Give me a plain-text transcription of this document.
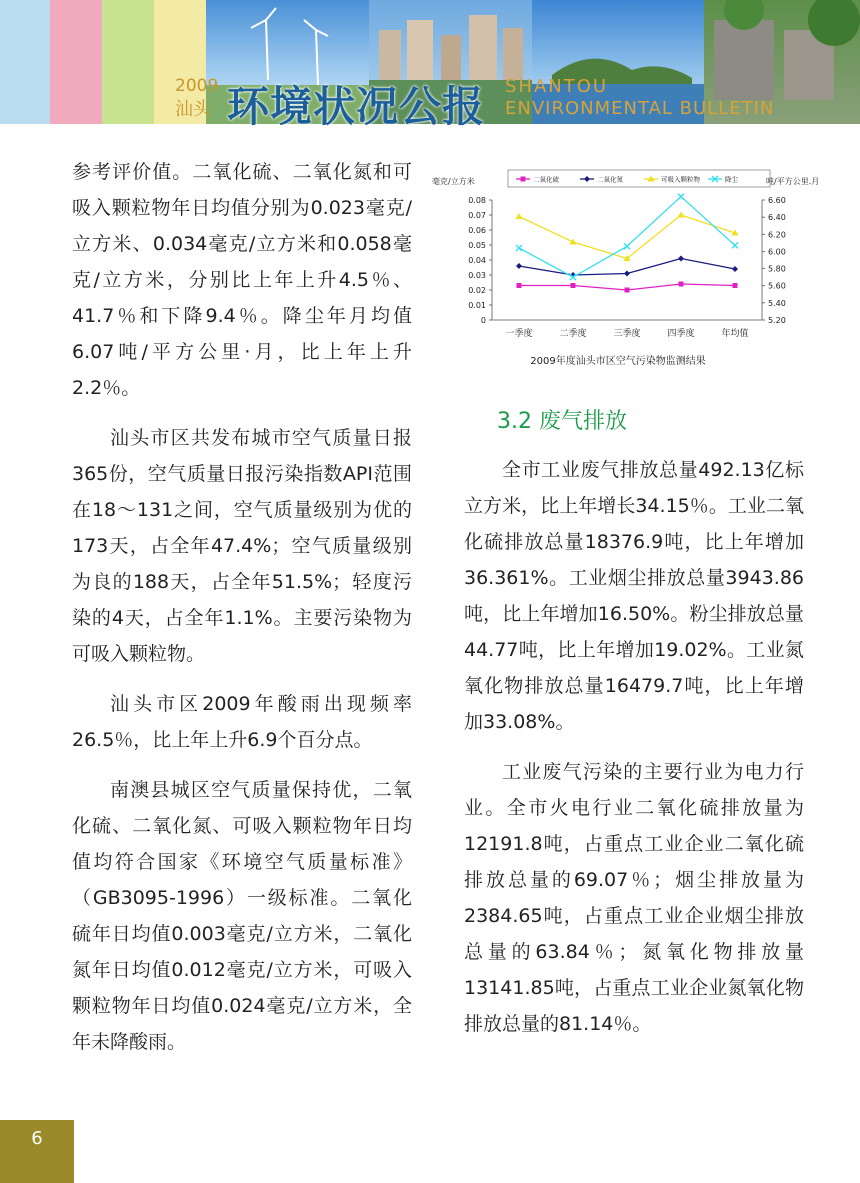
2009
汕头 环境状况公报 SHANTOU
ENVIRONMENTAL BULLETIN

参考评价值。二氧化硫、二氧化氮和可吸入颗粒物年日均值分别为0.023毫克/立方米、0.034毫克/立方米和0.058毫克/立方米，分别比上年上升4.5％、41.7％和下降9.4％。降尘年月均值6.07吨/平方公里·月，比上年上升2.2％。

汕头市区共发布城市空气质量日报365份，空气质量日报污染指数API范围在18～131之间，空气质量级别为优的173天，占全年47.4%；空气质量级别为良的188天，占全年51.5%；轻度污染的4天，占全年1.1%。主要污染物为可吸入颗粒物。

汕头市区2009年酸雨出现频率26.5％，比上年上升6.9个百分点。

南澳县城区空气质量保持优，二氧化硫、二氧化氮、可吸入颗粒物年日均值均符合国家《环境空气质量标准》（GB3095-1996）一级标准。二氧化硫年日均值0.003毫克/立方米，二氧化氮年日均值0.012毫克/立方米，可吸入颗粒物年日均值0.024毫克/立方米，全年未降酸雨。

毫克/立方米	吨/平方公里.月
2009年度汕头市区空气污染物监测结果
0
0.01
0.02
0.03
0.04
0.05
0.06
0.07
0.08
5.20
5.40
5.60
5.80
6.00
6.20
6.40
6.60
一季度	二季度	三季度	四季度	年均值
二氧化硫	二氧化氮	可吸入颗粒物	降尘
3.2 废气排放

全市工业废气排放总量492.13亿标立方米，比上年增长34.15％。工业二氧化硫排放总量18376.9吨，比上年增加36.361%。工业烟尘排放总量3943.86吨，比上年增加16.50%。粉尘排放总量44.77吨，比上年增加19.02%。工业氮氧化物排放总量16479.7吨，比上年增加33.08%。

工业废气污染的主要行业为电力行业。全市火电行业二氧化硫排放量为12191.8吨，占重点工业企业二氧化硫排放总量的69.07％；烟尘排放量为2384.65吨，占重点工业企业烟尘排放总量的63.84％；氮氧化物排放量13141.85吨，占重点工业企业氮氧化物排放总量的81.14％。

6
